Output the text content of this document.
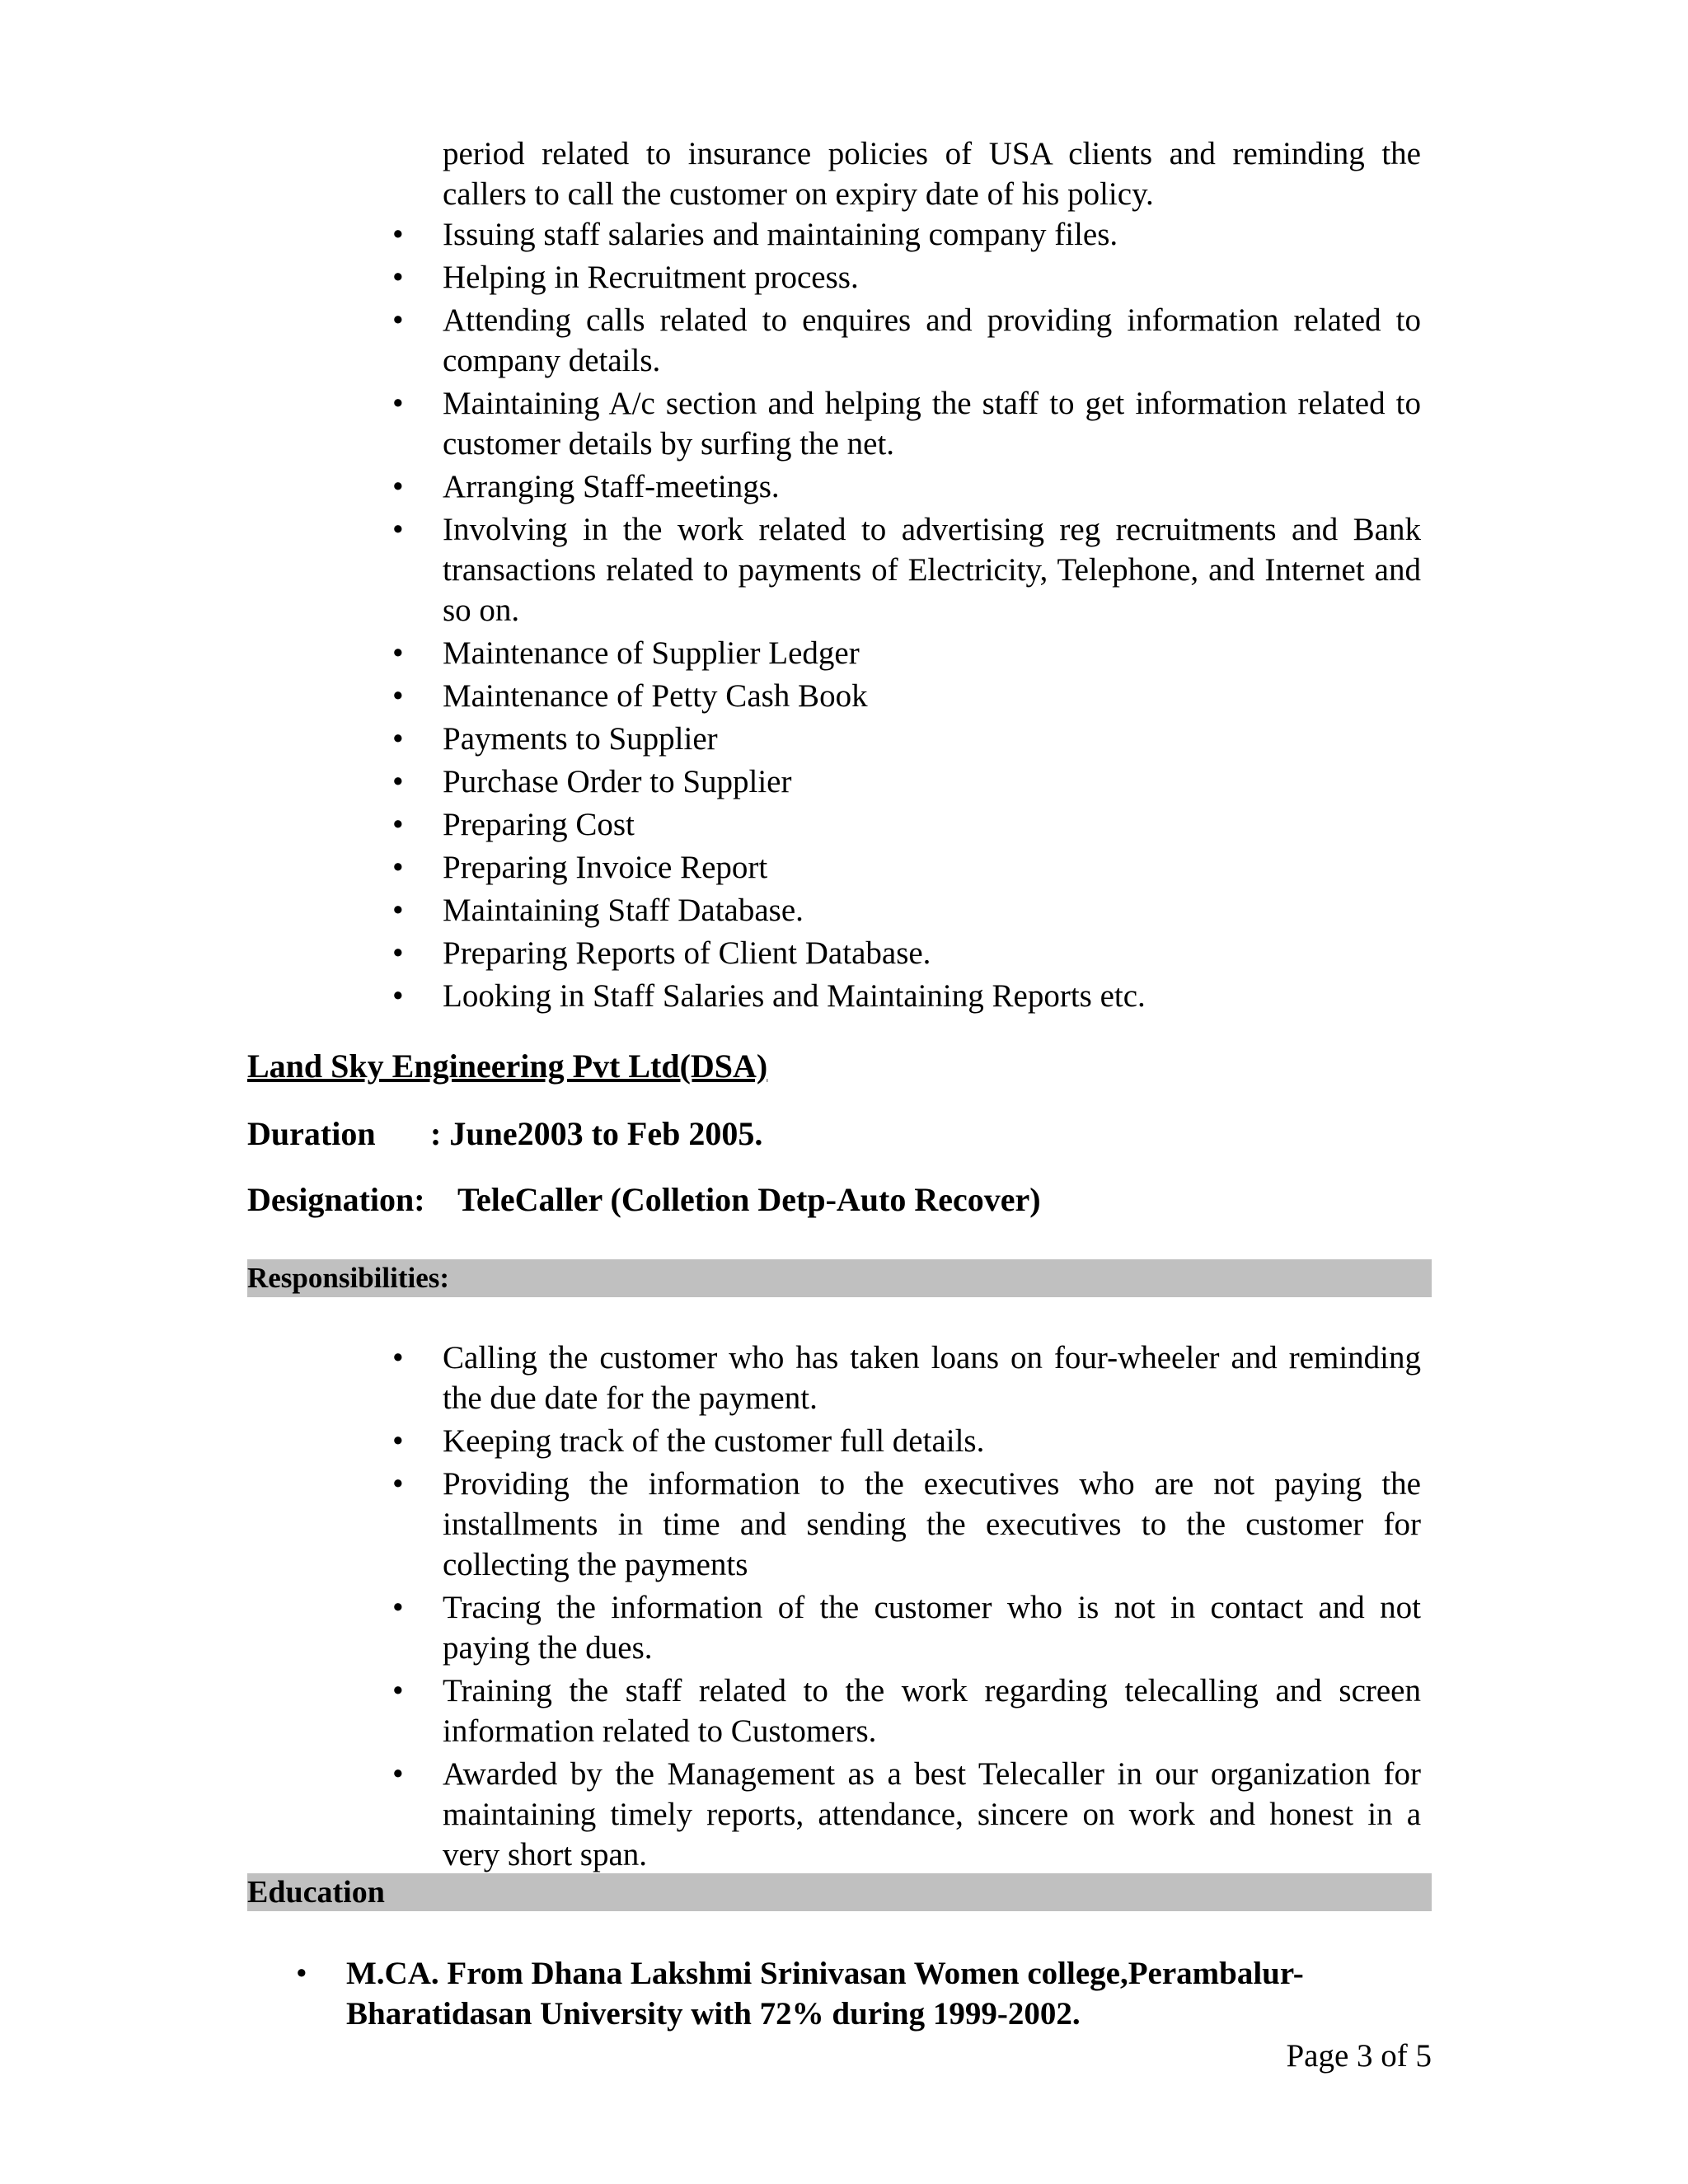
period related to insurance policies of USA clients and reminding the callers to call the customer on expiry date of his policy.

• Issuing staff salaries and maintaining company files.
• Helping in Recruitment process.
• Attending calls related to enquires and providing information related to company details.
• Maintaining A/c section and helping the staff to get information related to customer details by surfing the net.
• Arranging Staff-meetings.
• Involving in the work related to advertising reg recruitments and Bank transactions related to payments of Electricity, Telephone, and Internet and so on.
• Maintenance of Supplier Ledger
• Maintenance of Petty Cash Book
• Payments to Supplier
• Purchase Order to Supplier
• Preparing Cost
• Preparing Invoice Report
• Maintaining Staff Database.
• Preparing Reports of Client Database.
• Looking in Staff Salaries and Maintaining Reports etc.

Land Sky Engineering Pvt Ltd(DSA)

Duration : June2003 to Feb 2005.

Designation: TeleCaller (Colletion Detp-Auto Recover)

Responsibilities:
• Calling the customer who has taken loans on four-wheeler and reminding the due date for the payment.
• Keeping track of the customer full details.
• Providing the information to the executives who are not paying the installments in time and sending the executives to the customer for collecting the payments
• Tracing the information of the customer who is not in contact and not paying the dues.
• Training the staff related to the work regarding telecalling and screen information related to Customers.
• Awarded by the Management as a best Telecaller in our organization for maintaining timely reports, attendance, sincere on work and honest in a very short span.
Education
• M.CA. From Dhana Lakshmi Srinivasan Women college,Perambalur-Bharatidasan University with 72% during 1999-2002.

Page 3 of 5
